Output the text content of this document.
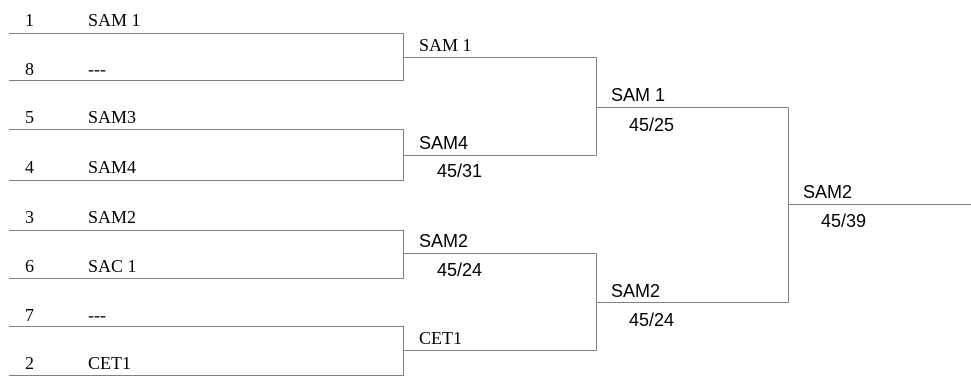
1	SAM 1
8	---
5	SAM3
4	SAM4
3	SAM2
6	SAC 1
7	---
2	CET1
SAM 1
SAM4
45/31
SAM2
45/24
CET1
SAM 1
45/25
SAM2
45/24
SAM2
45/39
